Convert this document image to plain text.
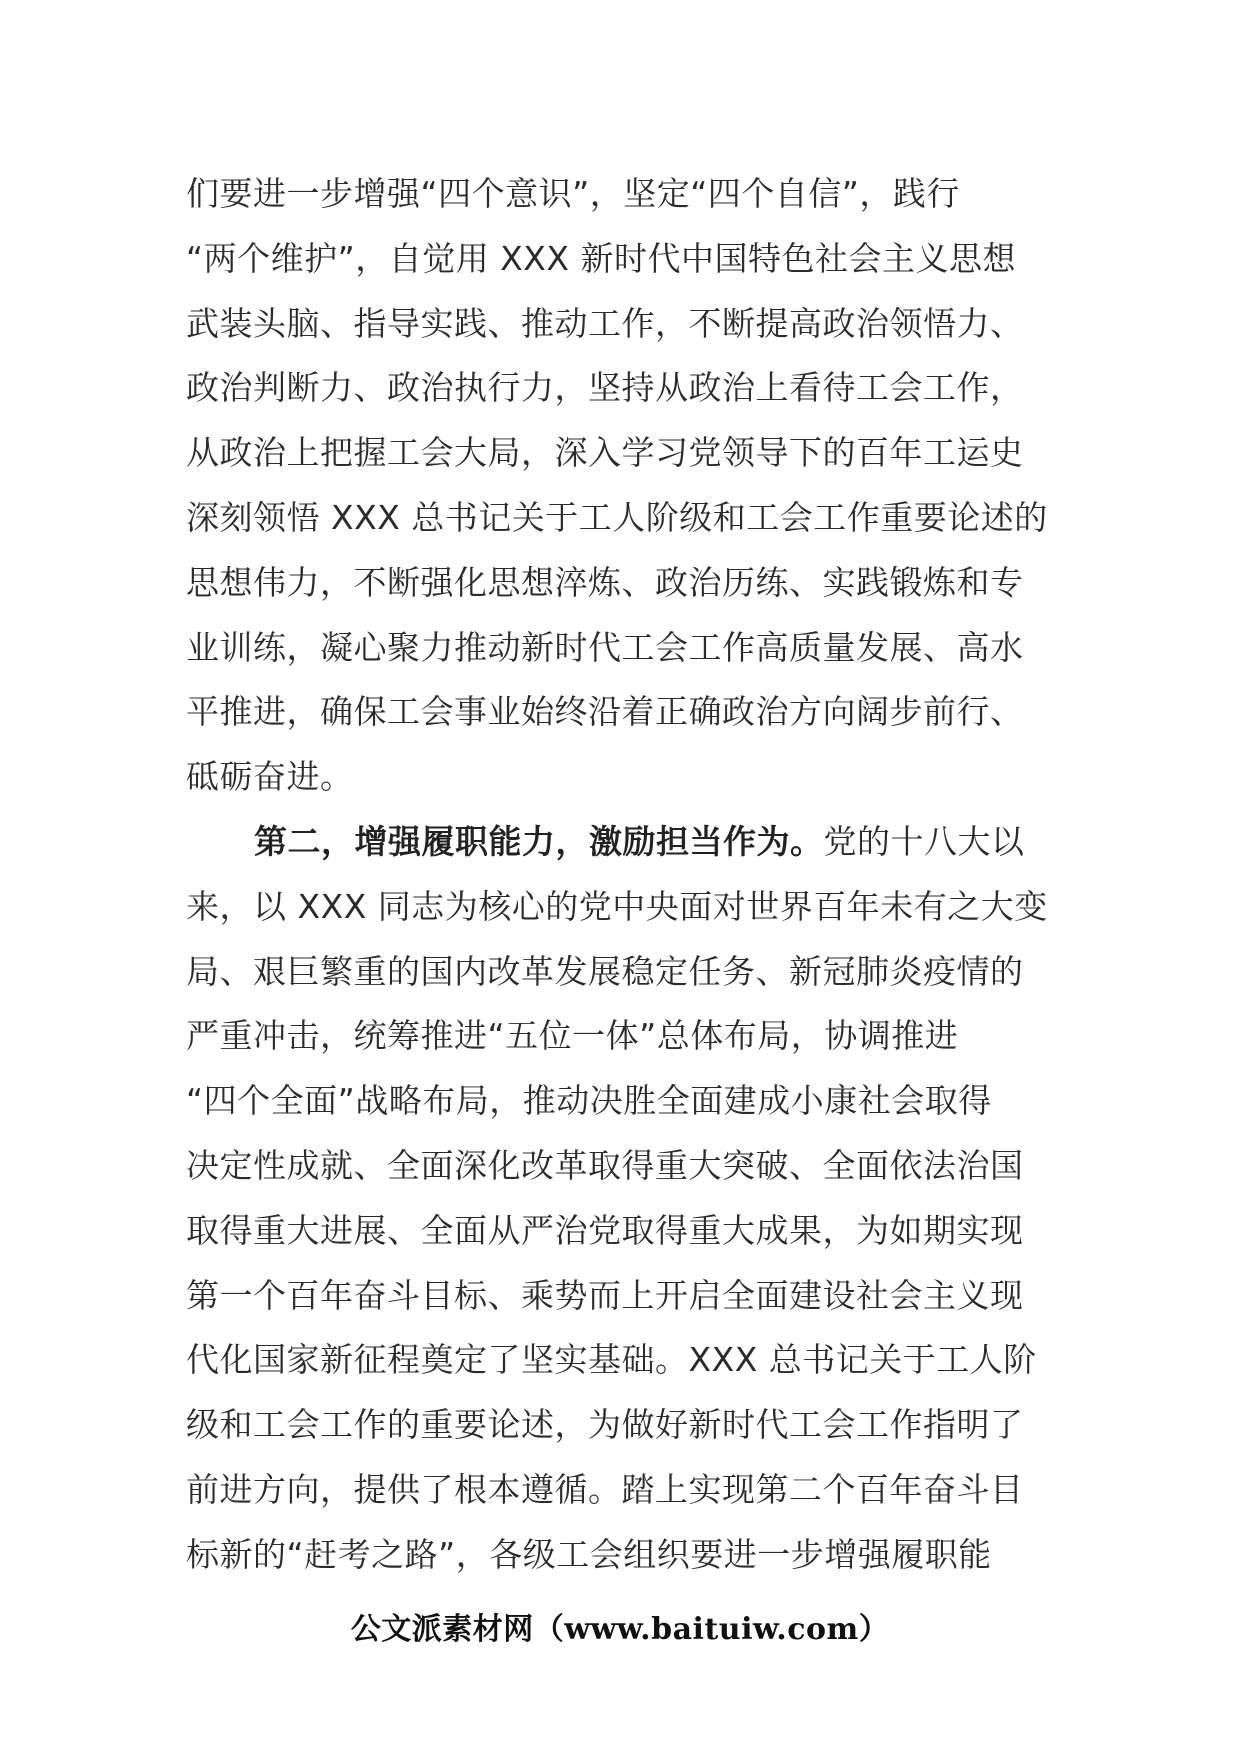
们要进一步增强“四个意识”，坚定“四个自信”，践行
“两个维护”，自觉用 XXX 新时代中国特色社会主义思想
武装头脑、指导实践、推动工作，不断提高政治领悟力、
政治判断力、政治执行力，坚持从政治上看待工会工作，
从政治上把握工会大局，深入学习党领导下的百年工运史
深刻领悟 XXX 总书记关于工人阶级和工会工作重要论述的
思想伟力，不断强化思想淬炼、政治历练、实践锻炼和专
业训练，凝心聚力推动新时代工会工作高质量发展、高水
平推进，确保工会事业始终沿着正确政治方向阔步前行、
砥砺奋进。
第二，增强履职能力，激励担当作为。党的十八大以
来，以 XXX 同志为核心的党中央面对世界百年未有之大变
局、艰巨繁重的国内改革发展稳定任务、新冠肺炎疫情的
严重冲击，统筹推进“五位一体”总体布局，协调推进
“四个全面”战略布局，推动决胜全面建成小康社会取得
决定性成就、全面深化改革取得重大突破、全面依法治国
取得重大进展、全面从严治党取得重大成果，为如期实现
第一个百年奋斗目标、乘势而上开启全面建设社会主义现
代化国家新征程奠定了坚实基础。XXX 总书记关于工人阶
级和工会工作的重要论述，为做好新时代工会工作指明了
前进方向，提供了根本遵循。踏上实现第二个百年奋斗目
标新的“赶考之路”，各级工会组织要进一步增强履职能
公文派素材网（www.baituiw.com）
